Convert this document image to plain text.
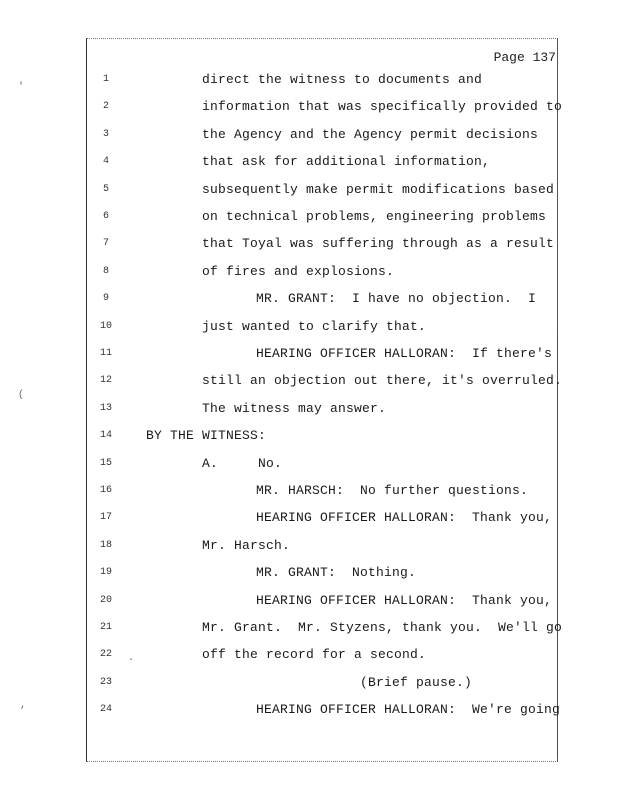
Page 137
1	direct the witness to documents and
2	information that was specifically provided to
3	the Agency and the Agency permit decisions
4	that ask for additional information,
5	subsequently make permit modifications based
6	on technical problems, engineering problems
7	that Toyal was suffering through as a result
8	of fires and explosions.
9	MR. GRANT:  I have no objection.  I
10	just wanted to clarify that.
11	HEARING OFFICER HALLORAN:  If there's
12	still an objection out there, it's overruled.
13	The witness may answer.
14	BY THE WITNESS:
15	A.     No.
16	MR. HARSCH:  No further questions.
17	HEARING OFFICER HALLORAN:  Thank you,
18	Mr. Harsch.
19	MR. GRANT:  Nothing.
20	HEARING OFFICER HALLORAN:  Thank you,
21	Mr. Grant.  Mr. Styzens, thank you.  We'll go
22	off the record for a second.
23	(Brief pause.)
24	HEARING OFFICER HALLORAN:  We're going
'
(
·
,
